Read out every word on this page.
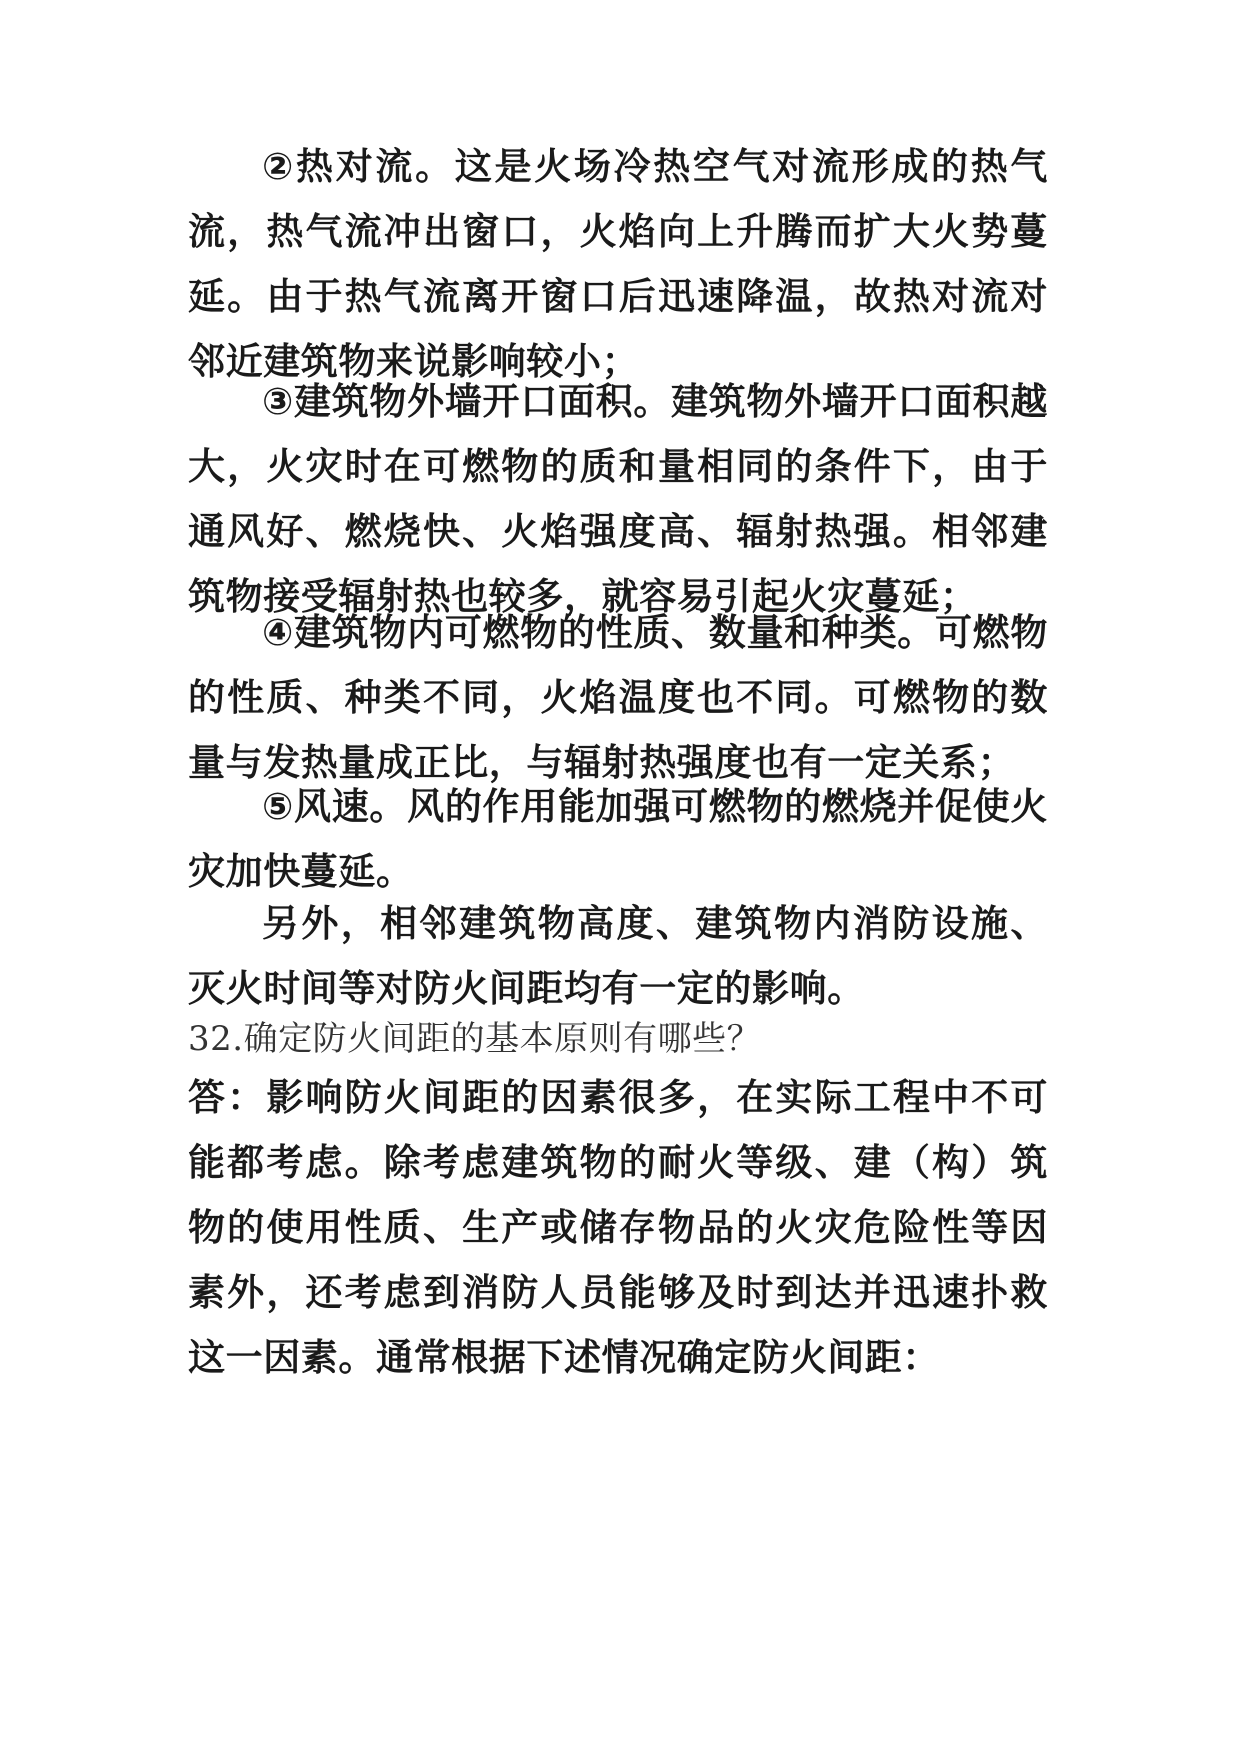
②热对流。这是火场冷热空气对流形成的热气流，热气流冲出窗口，火焰向上升腾而扩大火势蔓延。由于热气流离开窗口后迅速降温，故热对流对邻近建筑物来说影响较小；

③建筑物外墙开口面积。建筑物外墙开口面积越大，火灾时在可燃物的质和量相同的条件下，由于通风好、燃烧快、火焰强度高、辐射热强。相邻建筑物接受辐射热也较多，就容易引起火灾蔓延；

④建筑物内可燃物的性质、数量和种类。可燃物的性质、种类不同，火焰温度也不同。可燃物的数量与发热量成正比，与辐射热强度也有一定关系；

⑤风速。风的作用能加强可燃物的燃烧并促使火灾加快蔓延。

另外，相邻建筑物高度、建筑物内消防设施、灭火时间等对防火间距均有一定的影响。

32.确定防火间距的基本原则有哪些？

答：影响防火间距的因素很多，在实际工程中不可能都考虑。除考虑建筑物的耐火等级、建（构）筑物的使用性质、生产或储存物品的火灾危险性等因素外，还考虑到消防人员能够及时到达并迅速扑救这一因素。通常根据下述情况确定防火间距：
